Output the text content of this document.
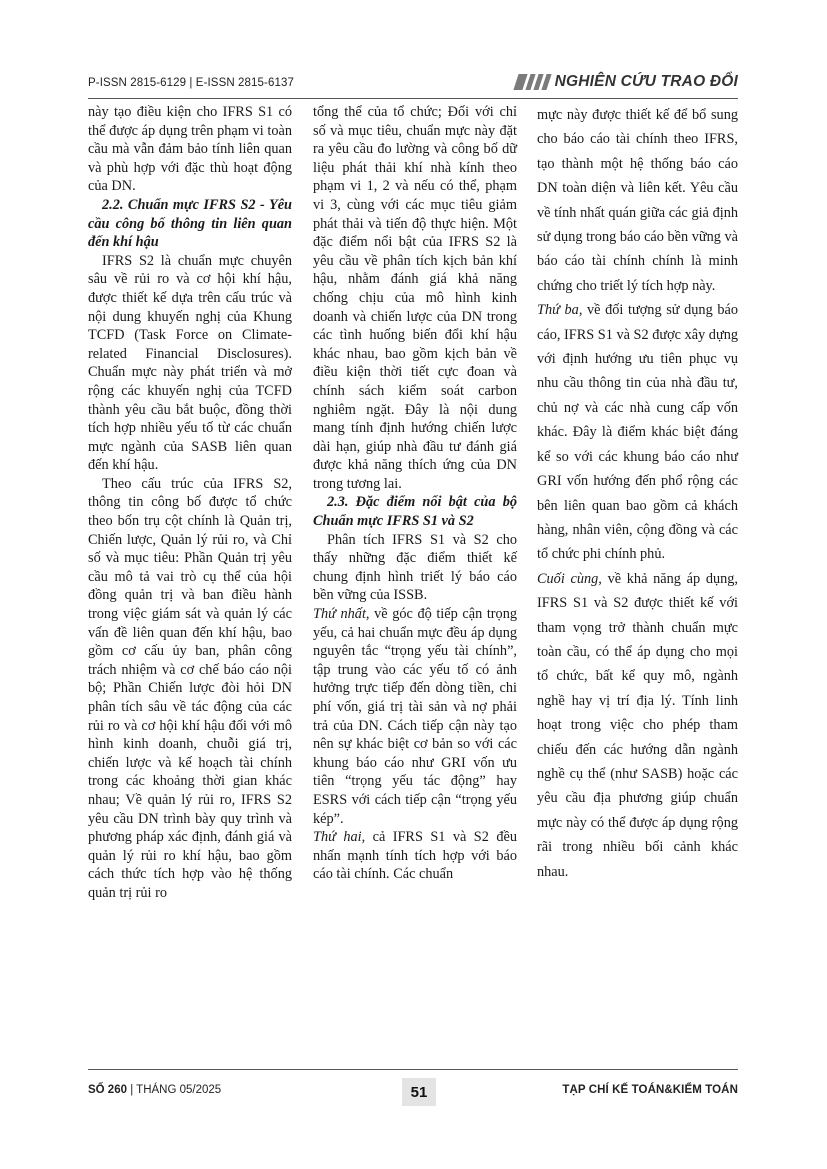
P-ISSN 2815-6129 | E-ISSN 2815-6137	NGHIÊN CỨU TRAO ĐỔI

này tạo điều kiện cho IFRS S1 có thể được áp dụng trên phạm vi toàn cầu mà vẫn đảm bảo tính liên quan và phù hợp với đặc thù hoạt động của DN.

2.2. Chuẩn mực IFRS S2 - Yêu cầu công bố thông tin liên quan đến khí hậu

IFRS S2 là chuẩn mực chuyên sâu về rủi ro và cơ hội khí hậu, được thiết kế dựa trên cấu trúc và nội dung khuyến nghị của Khung TCFD (Task Force on Climate-related Financial Disclosures). Chuẩn mực này phát triển và mở rộng các khuyến nghị của TCFD thành yêu cầu bắt buộc, đồng thời tích hợp nhiều yếu tố từ các chuẩn mực ngành của SASB liên quan đến khí hậu.

Theo cấu trúc của IFRS S2, thông tin công bố được tổ chức theo bốn trụ cột chính là Quản trị, Chiến lược, Quản lý rủi ro, và Chỉ số và mục tiêu: Phần Quản trị yêu cầu mô tả vai trò cụ thể của hội đồng quản trị và ban điều hành trong việc giám sát và quản lý các vấn đề liên quan đến khí hậu, bao gồm cơ cấu ủy ban, phân công trách nhiệm và cơ chế báo cáo nội bộ; Phần Chiến lược đòi hỏi DN phân tích sâu về tác động của các rủi ro và cơ hội khí hậu đối với mô hình kinh doanh, chuỗi giá trị, chiến lược và kế hoạch tài chính trong các khoảng thời gian khác nhau; Về quản lý rủi ro, IFRS S2 yêu cầu DN trình bày quy trình và phương pháp xác định, đánh giá và quản lý rủi ro khí hậu, bao gồm cách thức tích hợp vào hệ thống quản trị rủi ro

tổng thể của tổ chức; Đối với chỉ số và mục tiêu, chuẩn mực này đặt ra yêu cầu đo lường và công bố dữ liệu phát thải khí nhà kính theo phạm vi 1, 2 và nếu có thể, phạm vi 3, cùng với các mục tiêu giảm phát thải và tiến độ thực hiện. Một đặc điểm nổi bật của IFRS S2 là yêu cầu về phân tích kịch bản khí hậu, nhằm đánh giá khả năng chống chịu của mô hình kinh doanh và chiến lược của DN trong các tình huống biến đổi khí hậu khác nhau, bao gồm kịch bản về điều kiện thời tiết cực đoan và chính sách kiểm soát carbon nghiêm ngặt. Đây là nội dung mang tính định hướng chiến lược dài hạn, giúp nhà đầu tư đánh giá được khả năng thích ứng của DN trong tương lai.

2.3. Đặc điểm nổi bật của bộ Chuẩn mực IFRS S1 và S2

Phân tích IFRS S1 và S2 cho thấy những đặc điểm thiết kế chung định hình triết lý báo cáo bền vững của ISSB.

Thứ nhất, về góc độ tiếp cận trọng yếu, cả hai chuẩn mực đều áp dụng nguyên tắc “trọng yếu tài chính”, tập trung vào các yếu tố có ảnh hưởng trực tiếp đến dòng tiền, chi phí vốn, giá trị tài sản và nợ phải trả của DN. Cách tiếp cận này tạo nên sự khác biệt cơ bản so với các khung báo cáo như GRI vốn ưu tiên “trọng yếu tác động” hay ESRS với cách tiếp cận “trọng yếu kép”.

Thứ hai, cả IFRS S1 và S2 đều nhấn mạnh tính tích hợp với báo cáo tài chính. Các chuẩn

mực này được thiết kế để bổ sung cho báo cáo tài chính theo IFRS, tạo thành một hệ thống báo cáo DN toàn diện và liên kết. Yêu cầu về tính nhất quán giữa các giả định sử dụng trong báo cáo bền vững và báo cáo tài chính chính là minh chứng cho triết lý tích hợp này.

Thứ ba, về đối tượng sử dụng báo cáo, IFRS S1 và S2 được xây dựng với định hướng ưu tiên phục vụ nhu cầu thông tin của nhà đầu tư, chủ nợ và các nhà cung cấp vốn khác. Đây là điểm khác biệt đáng kể so với các khung báo cáo như GRI vốn hướng đến phổ rộng các bên liên quan bao gồm cả khách hàng, nhân viên, cộng đồng và các tổ chức phi chính phủ.

Cuối cùng, về khả năng áp dụng, IFRS S1 và S2 được thiết kế với tham vọng trở thành chuẩn mực toàn cầu, có thể áp dụng cho mọi tổ chức, bất kể quy mô, ngành nghề hay vị trí địa lý. Tính linh hoạt trong việc cho phép tham chiếu đến các hướng dẫn ngành nghề cụ thể (như SASB) hoặc các yêu cầu địa phương giúp chuẩn mực này có thể được áp dụng rộng rãi trong nhiều bối cảnh khác nhau.

SỐ 260 | THÁNG 05/2025	51	TẠP CHÍ KẾ TOÁN&KIỂM TOÁN
